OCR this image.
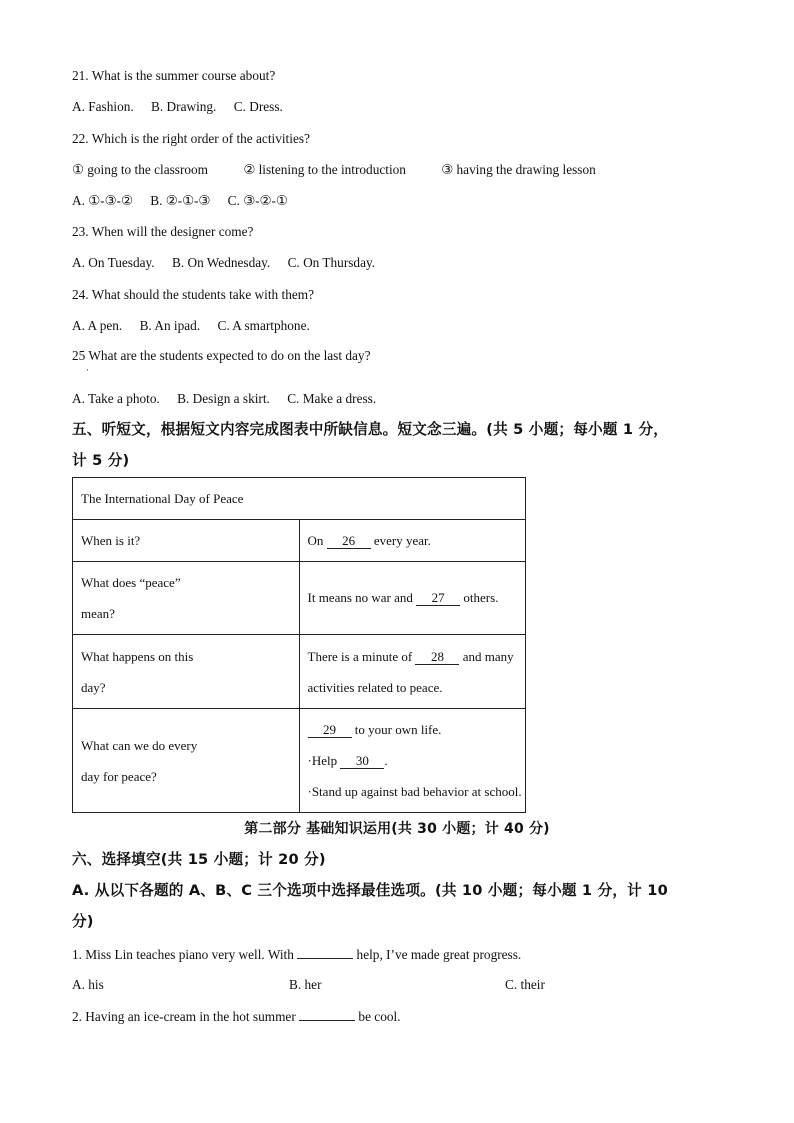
21. What is the summer course about?
A. Fashion. B. Drawing. C. Dress.
22. Which is the right order of the activities?
① going to the classroom	② listening to the introduction	③ having the drawing lesson
A. ①-③-② B. ②-①-③ C. ③-②-①
23. When will the designer come?
A. On Tuesday. B. On Wednesday. C. On Thursday.
24. What should the students take with them?
A. A pen. B. An ipad. C. A smartphone.
25 What are the students expected to do on the last day?
·
A. Take a photo. B. Design a skirt. C. Make a dress.
五、听短文，根据短文内容完成图表中所缺信息。短文念三遍。(共 5 小题；每小题 1 分，
计 5 分)
The International Day of Peace	
When is it?	On 26 every year.

What does “peace”
mean?	It means no war and 27 others.

What happens on this
day?	There is a minute of 28 and many
activities related to peace.

What can we do every
day for peace?	29 to your own life.
·Help 30 .
·Stand up against bad behavior at school.
第二部分 基础知识运用(共 30 小题；计 40 分)
六、选择填空(共 15 小题；计 20 分)
A. 从以下各题的 A、B、C 三个选项中选择最佳选项。(共 10 小题；每小题 1 分，计 10
分)
1. Miss Lin teaches piano very well. With	help, I’ve made great progress.
A. his	B. her	C. their
2. Having an ice-cream in the hot summer	be cool.
